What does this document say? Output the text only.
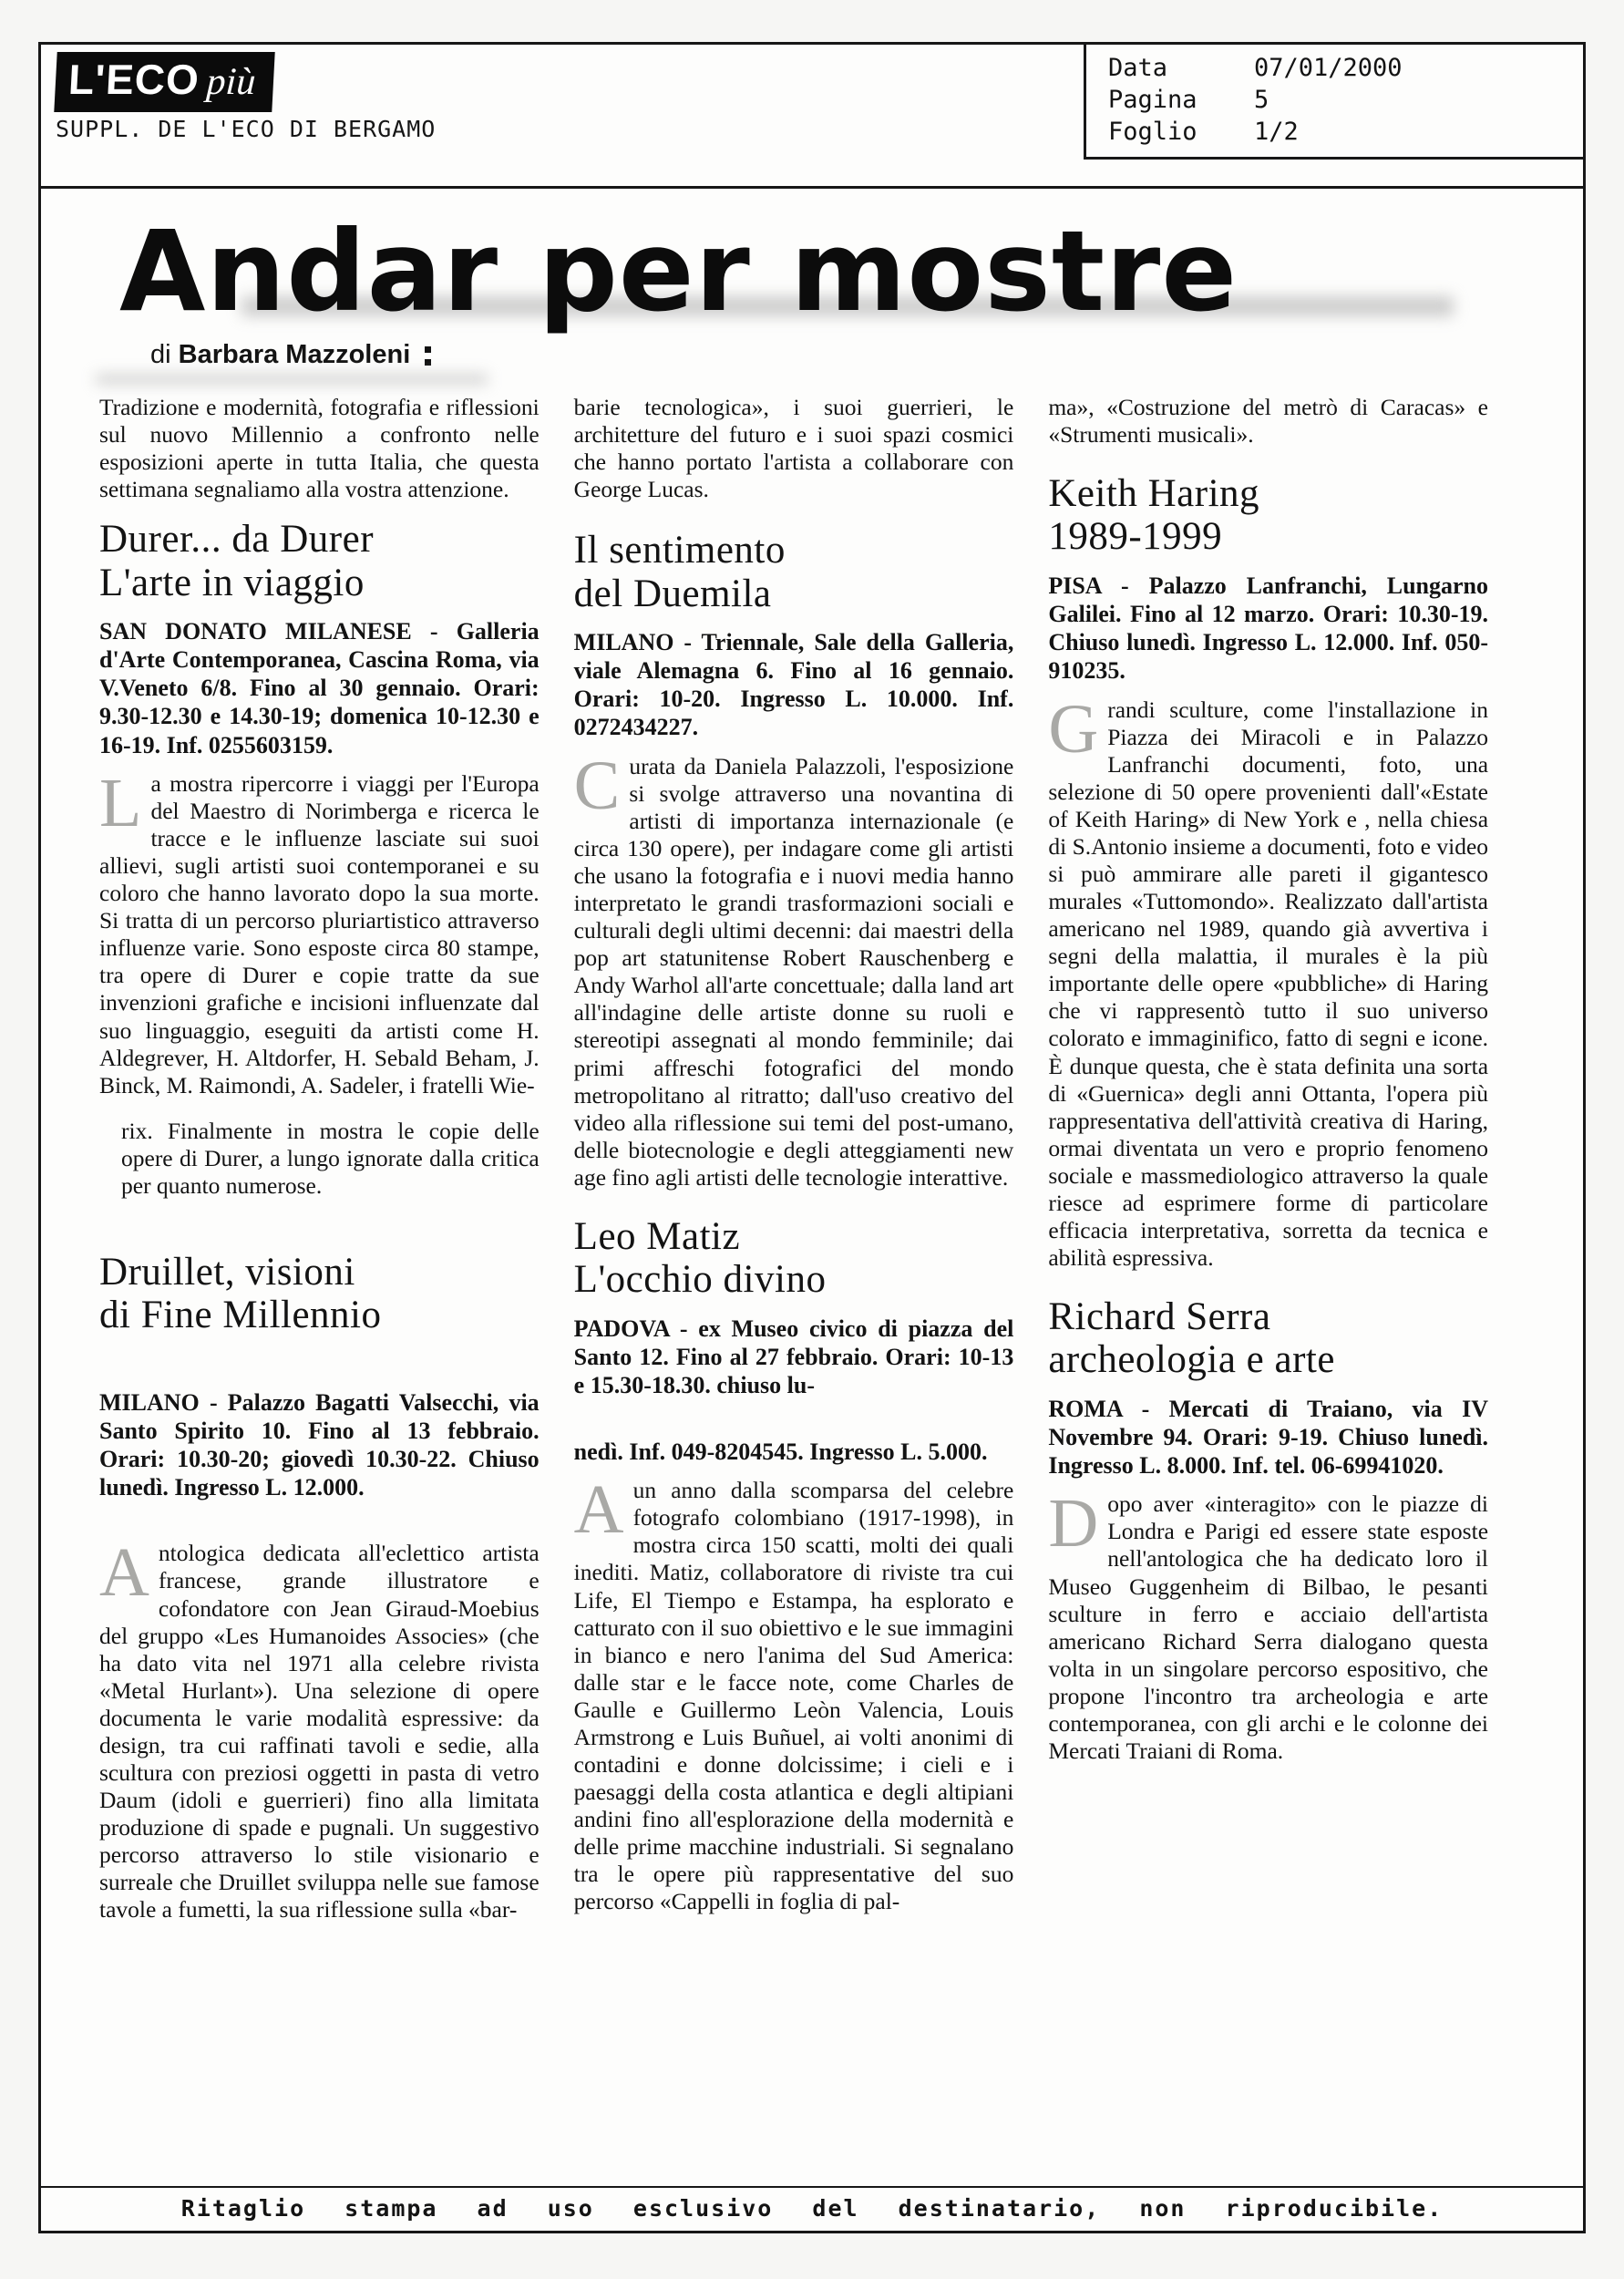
L'ECO più
SUPPL. DE L'ECO DI BERGAMO
Data	07/01/2000
Pagina	5
Foglio	1/2
Andar per mostre
di Barbara Mazzoleni

Tradizione e modernità, fotografia e riflessioni sul nuovo Millennio a confronto nelle esposizioni aperte in tutta Italia, che questa settimana segnaliamo alla vostra attenzione.

Durer... da Durer
L'arte in viaggio

SAN DONATO MILANESE - Galleria d'Arte Contemporanea, Cascina Roma, via V.Veneto 6/8. Fino al 30 gennaio. Orari: 9.30-12.30 e 14.30-19; domenica 10-12.30 e 16-19. Inf. 0255603159.

La mostra ripercorre i viaggi per l'Europa del Maestro di Norimberga e ricerca le tracce e le influenze lasciate sui suoi allievi, sugli artisti suoi contemporanei e su coloro che hanno lavorato dopo la sua morte. Si tratta di un percorso pluriartistico attraverso influenze varie. Sono esposte circa 80 stampe, tra opere di Durer e copie tratte da sue invenzioni grafiche e incisioni influenzate dal suo linguaggio, eseguiti da artisti come H. Aldegrever, H. Altdorfer, H. Sebald Beham, J. Binck, M. Raimondi, A. Sadeler, i fratelli Wie-

rix. Finalmente in mostra le copie delle opere di Durer, a lungo ignorate dalla critica per quanto numerose.

Druillet, visioni
di Fine Millennio

MILANO - Palazzo Bagatti Valsecchi, via Santo Spirito 10. Fino al 13 febbraio. Orari: 10.30-20; giovedì 10.30-22. Chiuso lunedì. Ingresso L. 12.000.

Antologica dedicata all'eclettico artista francese, grande illustratore e cofondatore con Jean Giraud-Moebius del gruppo «Les Humanoides Associes» (che ha dato vita nel 1971 alla celebre rivista «Metal Hurlant»). Una selezione di opere documenta le varie modalità espressive: da design, tra cui raffinati tavoli e sedie, alla scultura con preziosi oggetti in pasta di vetro Daum (idoli e guerrieri) fino alla limitata produzione di spade e pugnali. Un suggestivo percorso attraverso lo stile visionario e surreale che Druillet sviluppa nelle sue famose tavole a fumetti, la sua riflessione sulla «bar-

barie tecnologica», i suoi guerrieri, le architetture del futuro e i suoi spazi cosmici che hanno portato l'artista a collaborare con George Lucas.

Il sentimento
del Duemila

MILANO - Triennale, Sale della Galleria, viale Alemagna 6. Fino al 16 gennaio. Orari: 10-20. Ingresso L. 10.000. Inf. 0272434227.

Curata da Daniela Palazzoli, l'esposizione si svolge attraverso una novantina di artisti di importanza internazionale (e circa 130 opere), per indagare come gli artisti che usano la fotografia e i nuovi media hanno interpretato le grandi trasformazioni sociali e culturali degli ultimi decenni: dai maestri della pop art statunitense Robert Rauschenberg e Andy Warhol all'arte concettuale; dalla land art all'indagine delle artiste donne su ruoli e stereotipi assegnati al mondo femminile; dai primi affreschi fotografici del mondo metropolitano al ritratto; dall'uso creativo del video alla riflessione sui temi del post-umano, delle biotecnologie e degli atteggiamenti new age fino agli artisti delle tecnologie interattive.

Leo Matiz
L'occhio divino

PADOVA - ex Museo civico di piazza del Santo 12. Fino al 27 febbraio. Orari: 10-13 e 15.30-18.30. chiuso lu-

nedì. Inf. 049-8204545. Ingresso L. 5.000.

Aun anno dalla scomparsa del celebre fotografo colombiano (1917-1998), in mostra circa 150 scatti, molti dei quali inediti. Matiz, collaboratore di riviste tra cui Life, El Tiempo e Estampa, ha esplorato e catturato con il suo obiettivo e le sue immagini in bianco e nero l'anima del Sud America: dalle star e le facce note, come Charles de Gaulle e Guillermo Leòn Valencia, Louis Armstrong e Luis Buñuel, ai volti anonimi di contadini e donne dolcissime; i cieli e i paesaggi della costa atlantica e degli altipiani andini fino all'esplorazione della modernità e delle prime macchine industriali. Si segnalano tra le opere più rappresentative del suo percorso «Cappelli in foglia di pal-

ma», «Costruzione del metrò di Caracas» e «Strumenti musicali».

Keith Haring
1989-1999

PISA - Palazzo Lanfranchi, Lungarno Galilei. Fino al 12 marzo. Orari: 10.30-19. Chiuso lunedì. Ingresso L. 12.000. Inf. 050-910235.

Grandi sculture, come l'installazione in Piazza dei Miracoli e in Palazzo Lanfranchi documenti, foto, una selezione di 50 opere provenienti dall'«Estate of Keith Haring» di New York e , nella chiesa di S.Antonio insieme a documenti, foto e video si può ammirare alle pareti il gigantesco murales «Tuttomondo». Realizzato dall'artista americano nel 1989, quando già avvertiva i segni della malattia, il murales è la più importante delle opere «pubbliche» di Haring che vi rappresentò tutto il suo universo colorato e immaginifico, fatto di segni e icone. È dunque questa, che è stata definita una sorta di «Guernica» degli anni Ottanta, l'opera più rappresentativa dell'attività creativa di Haring, ormai diventata un vero e proprio fenomeno sociale e massmediologico attraverso la quale riesce ad esprimere forme di particolare efficacia interpretativa, sorretta da tecnica e abilità espressiva.

Richard Serra
archeologia e arte

ROMA - Mercati di Traiano, via IV Novembre 94. Orari: 9-19. Chiuso lunedì. Ingresso L. 8.000. Inf. tel. 06-69941020.

Dopo aver «interagito» con le piazze di Londra e Parigi ed essere state esposte nell'antologica che ha dedicato loro il Museo Guggenheim di Bilbao, le pesanti sculture in ferro e acciaio dell'artista americano Richard Serra dialogano questa volta in un singolare percorso espositivo, che propone l'incontro tra archeologia e arte contemporanea, con gli archi e le colonne dei Mercati Traiani di Roma.

Ritaglio stampa ad uso esclusivo del destinatario, non riproducibile.
